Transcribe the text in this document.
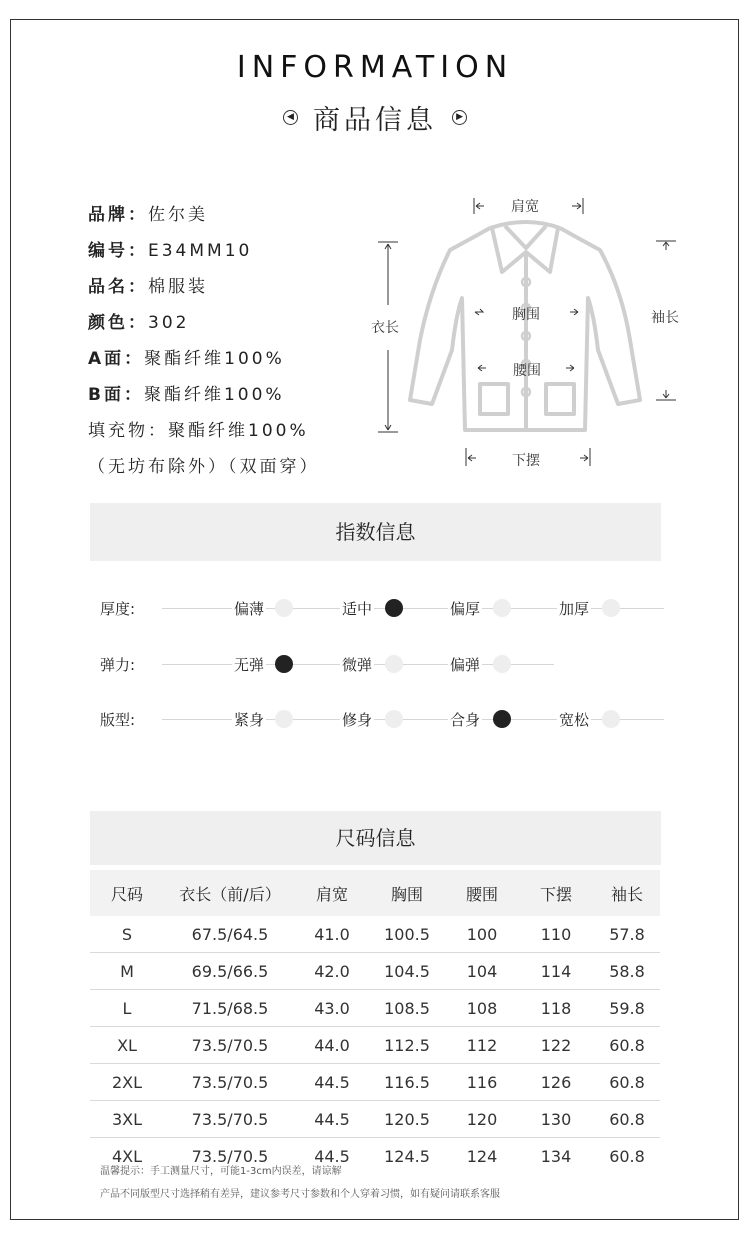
INFORMATION
◀ 商品信息	▶
品牌：佐尔美
编号：E34MM10
品名：棉服装
颜色：302
A面：聚酯纤维100%
B面：聚酯纤维100%
填充物：聚酯纤维100%
（无坊布除外）（双面穿）
肩宽
衣长
胸围
腰围
下摆
袖长
指数信息
厚度:	偏薄	适中	偏厚	加厚
弹力:	无弹	微弹	偏弹
版型:	紧身	修身	合身	宽松
尺码信息
尺码	衣长（前/后）	肩宽	胸围	腰围	下摆	袖长
S	67.5/64.5	41.0	100.5	100	110	57.8
M	69.5/66.5	42.0	104.5	104	114	58.8
L	71.5/68.5	43.0	108.5	108	118	59.8
XL	73.5/70.5	44.0	112.5	112	122	60.8
2XL	73.5/70.5	44.5	116.5	116	126	60.8
3XL	73.5/70.5	44.5	120.5	120	130	60.8
4XL	73.5/70.5	44.5	124.5	124	134	60.8
温馨提示：手工测量尺寸，可能1-3cm内误差，请谅解
产品不同版型尺寸选择稍有差异，建议参考尺寸参数和个人穿着习惯，如有疑问请联系客服
